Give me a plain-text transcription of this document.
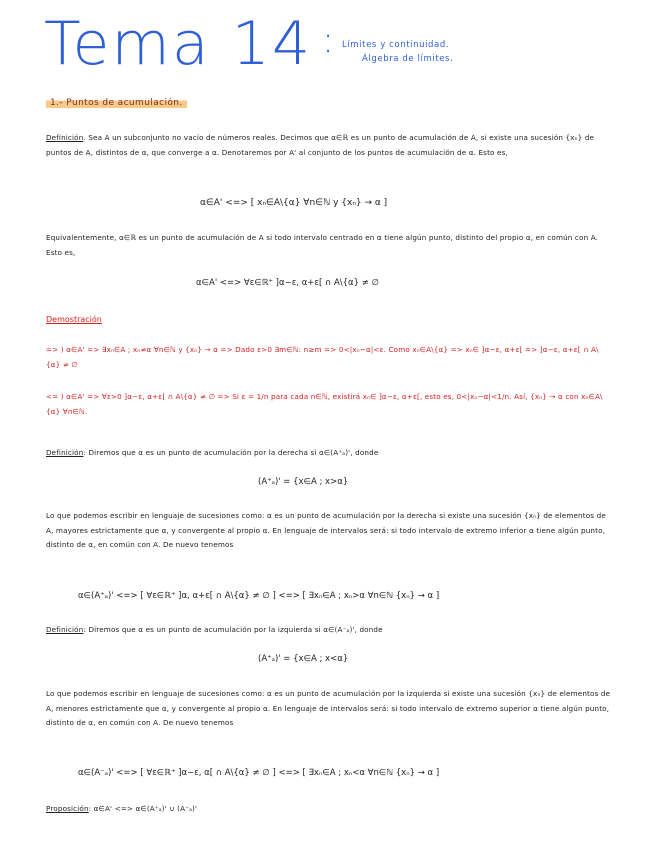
Tema 14 : Límites y continuidad.
Álgebra de límites.
1.- Puntos de acumulación.
Definición. Sea A un subconjunto no vacío de números reales. Decimos que α∈ℝ es un punto de acumulación de A, si existe una sucesión {xₙ} de puntos de A, distintos de α, que converge a α. Denotaremos por A' al conjunto de los puntos de acumulación de α. Esto es,
α∈A' <=> [ xₙ∈A\{α} ∀n∈ℕ y {xₙ} → α ]
Equivalentemente, α∈ℝ es un punto de acumulación de A si todo intervalo centrado en α tiene algún punto, distinto del propio α, en común con A. Esto es,
α∈A' <=> ∀ε∈ℝ⁺ ]α−ε, α+ε[ ∩ A\{α} ≠ ∅
Demostración
=> ) α∈A' => ∃xₙ∈A ; xₙ≠α ∀n∈ℕ y {xₙ} → α => Dado ε>0 ∃m∈ℕ: n≥m => 0<|xₙ−α|<ε. Como xₙ∈A\{α} => xₙ∈ ]α−ε, α+ε[ => ]α−ε, α+ε[ ∩ A\{α} ≠ ∅
<= ) α∈A' => ∀ε>0 ]α−ε, α+ε[ ∩ A\{α} ≠ ∅ => Si ε = 1/n para cada n∈ℕ, existirá xₙ∈ ]α−ε, α+ε[, esto es, 0<|xₙ−α|<1/n. Así, {xₙ} → α con xₙ∈A\{α} ∀n∈ℕ.
Definición: Diremos que α es un punto de acumulación por la derecha si α∈(A⁺ₐ)', donde
(A⁺ₐ)' = {x∈A ; x>α}
Lo que podemos escribir en lenguaje de sucesiones como: α es un punto de acumulación por la derecha si existe una sucesión {xₙ} de elementos de A, mayores estrictamente que α, y convergente al propio α. En lenguaje de intervalos será: si todo intervalo de extremo inferior α tiene algún punto, distinto de α, en común con A. De nuevo tenemos
α∈(A⁺ₐ)' <=> [ ∀ε∈ℝ⁺ ]α, α+ε[ ∩ A\{α} ≠ ∅ ] <=> [ ∃xₙ∈A ; xₙ>α ∀n∈ℕ {xₙ} → α ]
Definición: Diremos que α es un punto de acumulación por la izquierda si α∈(A⁻ₐ)', donde
(A⁺ₐ)' = {x∈A ; x<α}
Lo que podemos escribir en lenguaje de sucesiones como: α es un punto de acumulación por la izquierda si existe una sucesión {xₙ} de elementos de A, menores estrictamente que α, y convergente al propio α. En lenguaje de intervalos será: si todo intervalo de extremo superior α tiene algún punto, distinto de α, en común con A. De nuevo tenemos
α∈(A⁻ₐ)' <=> [ ∀ε∈ℝ⁺ ]α−ε, α[ ∩ A\{α} ≠ ∅ ] <=> [ ∃xₙ∈A ; xₙ<α ∀n∈ℕ {xₙ} → α ]
Proposición: α∈A' <=> α∈(A⁺ₐ)' ∪ (A⁻ₐ)'
